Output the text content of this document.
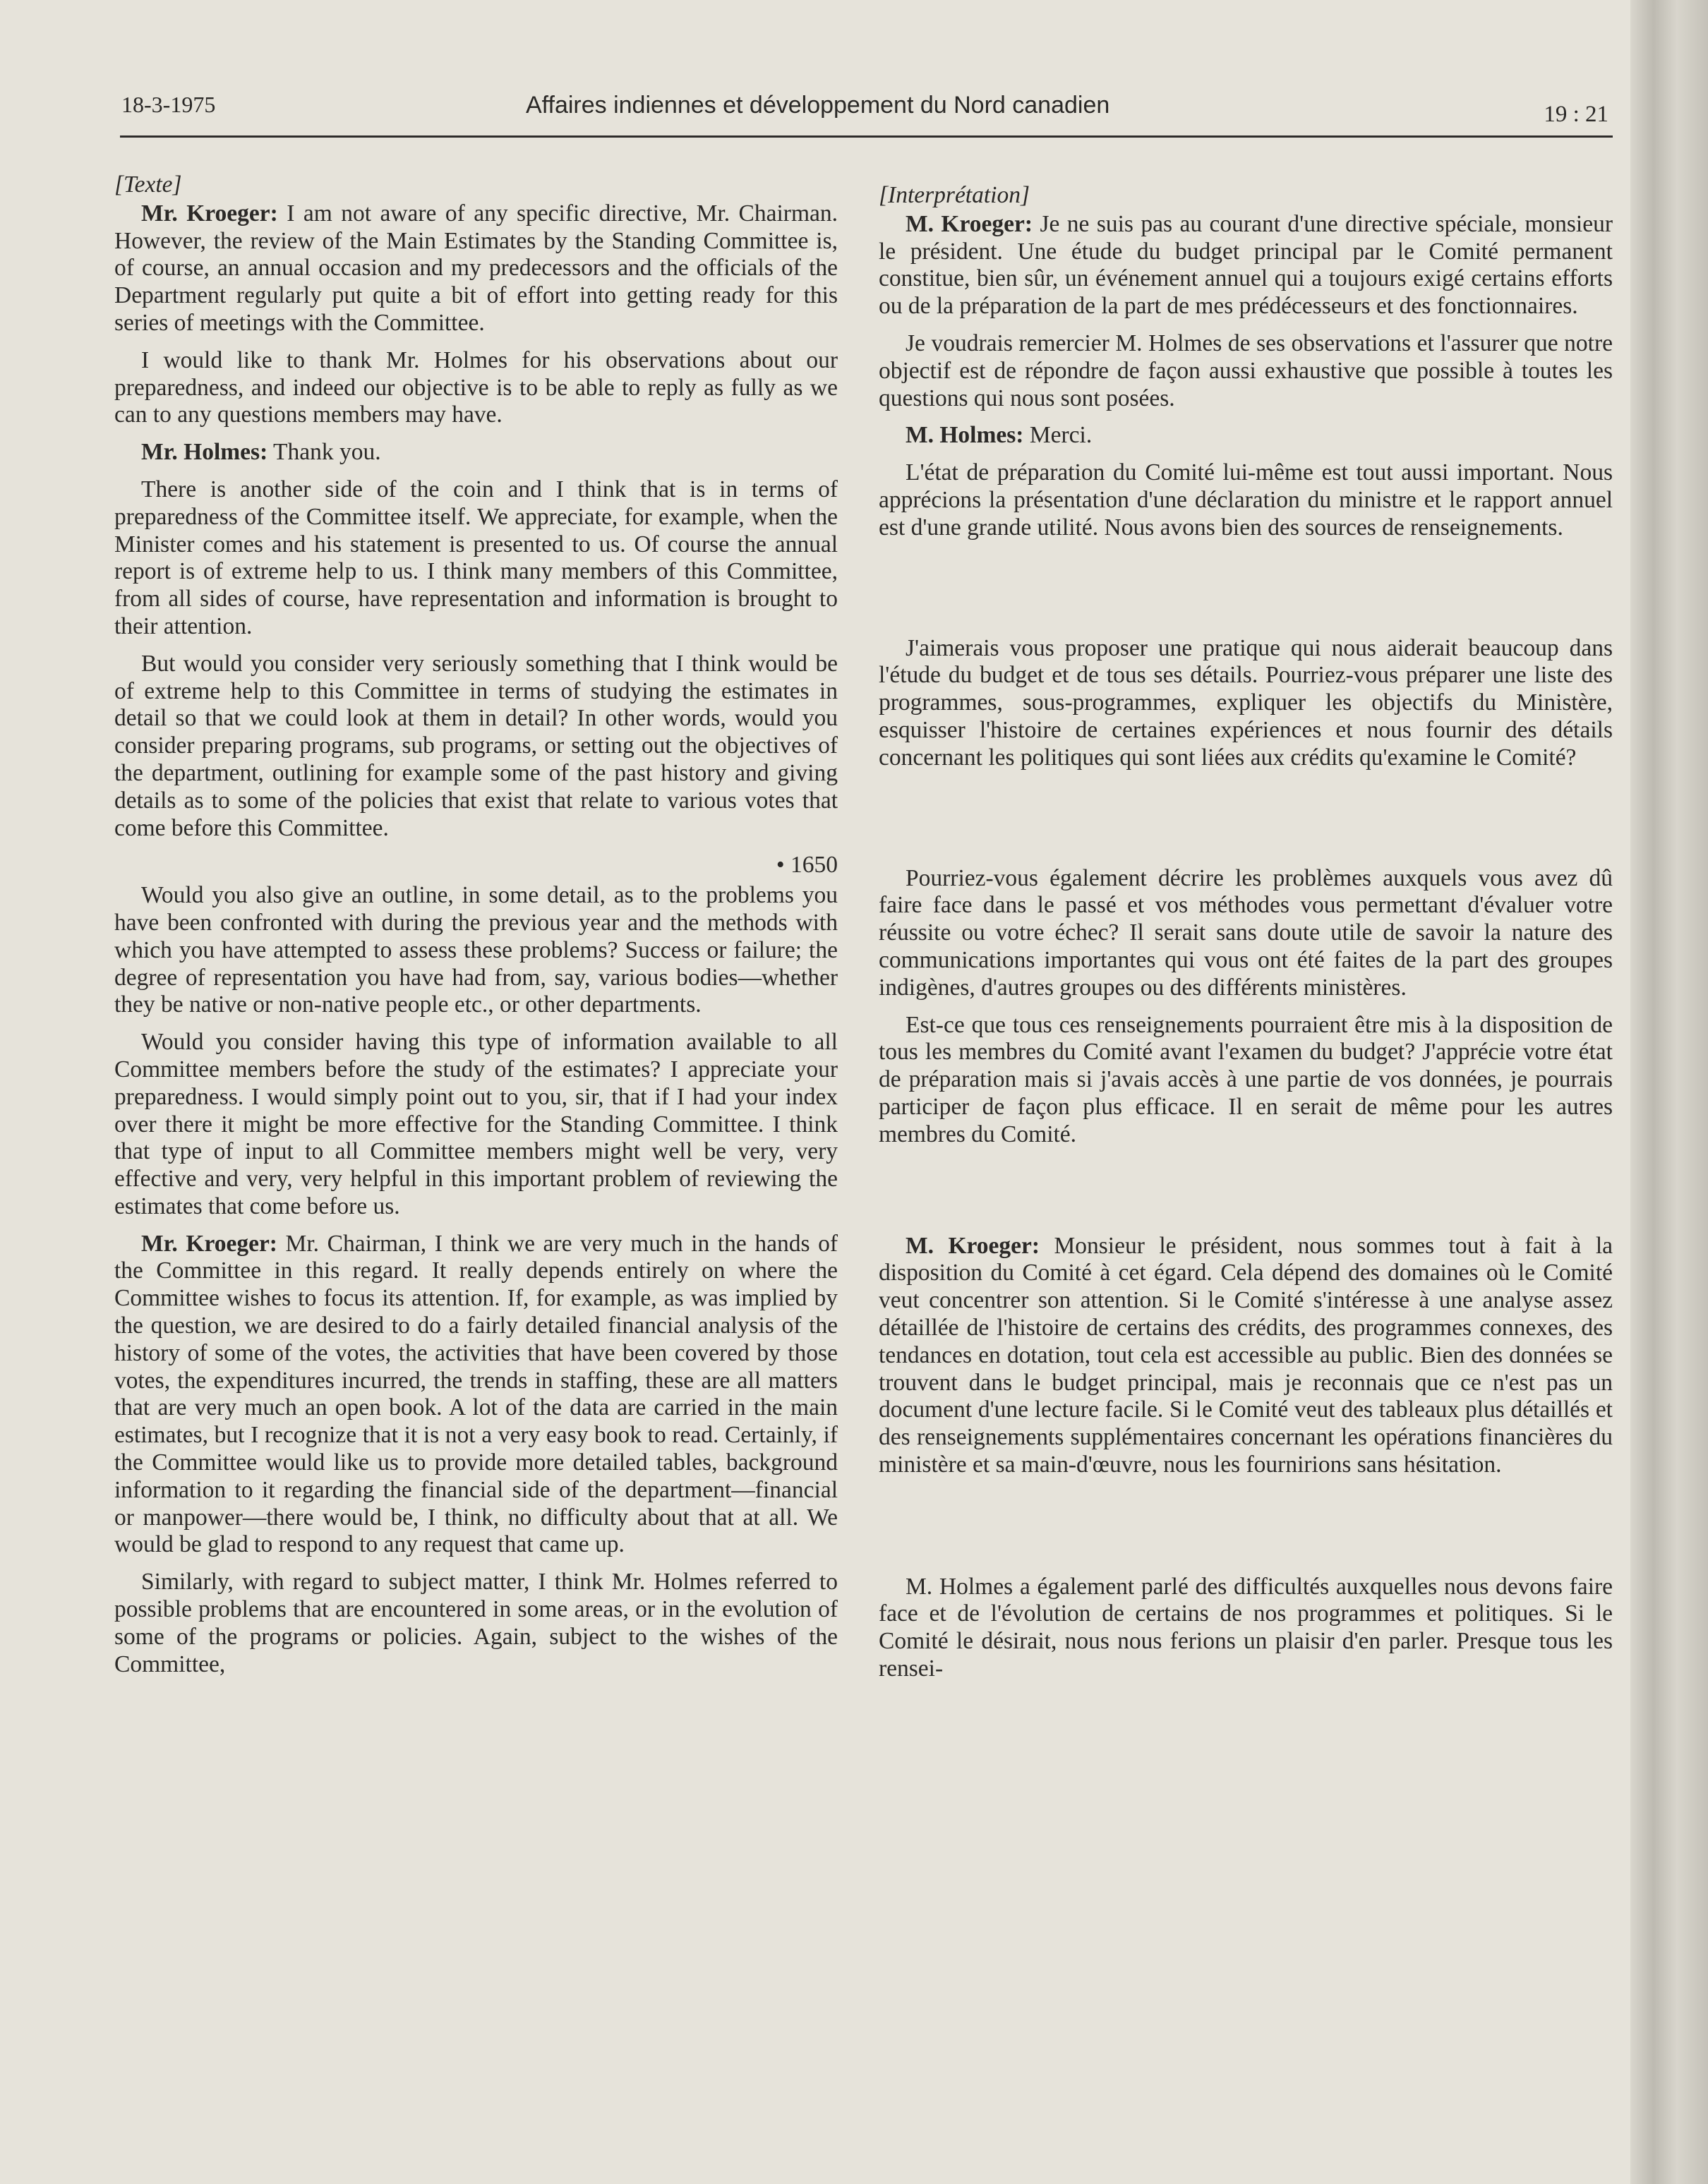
18-3-1975	Affaires indiennes et développement du Nord canadien	19 : 21
[Texte]

Mr. Kroeger: I am not aware of any specific directive, Mr. Chairman. However, the review of the Main Estimates by the Standing Committee is, of course, an annual occasion and my predecessors and the officials of the Department regularly put quite a bit of effort into getting ready for this series of meetings with the Committee.

I would like to thank Mr. Holmes for his observations about our preparedness, and indeed our objective is to be able to reply as fully as we can to any questions members may have.

Mr. Holmes: Thank you.

There is another side of the coin and I think that is in terms of preparedness of the Committee itself. We appreciate, for example, when the Minister comes and his statement is presented to us. Of course the annual report is of extreme help to us. I think many members of this Committee, from all sides of course, have representation and information is brought to their attention.

But would you consider very seriously something that I think would be of extreme help to this Committee in terms of studying the estimates in detail so that we could look at them in detail? In other words, would you consider preparing programs, sub programs, or setting out the objectives of the department, outlining for example some of the past history and giving details as to some of the policies that exist that relate to various votes that come before this Committee.

• 1650

Would you also give an outline, in some detail, as to the problems you have been confronted with during the previous year and the methods with which you have attempted to assess these problems? Success or failure; the degree of representation you have had from, say, various bodies—whether they be native or non-native people etc., or other departments.

Would you consider having this type of information available to all Committee members before the study of the estimates? I appreciate your preparedness. I would simply point out to you, sir, that if I had your index over there it might be more effective for the Standing Committee. I think that type of input to all Committee members might well be very, very effective and very, very helpful in this important problem of reviewing the estimates that come before us.

Mr. Kroeger: Mr. Chairman, I think we are very much in the hands of the Committee in this regard. It really depends entirely on where the Committee wishes to focus its attention. If, for example, as was implied by the question, we are desired to do a fairly detailed financial analysis of the history of some of the votes, the activities that have been covered by those votes, the expenditures incurred, the trends in staffing, these are all matters that are very much an open book. A lot of the data are carried in the main estimates, but I recognize that it is not a very easy book to read. Certainly, if the Committee would like us to provide more detailed tables, background information to it regarding the financial side of the department—financial or manpower—there would be, I think, no difficulty about that at all. We would be glad to respond to any request that came up.

Similarly, with regard to subject matter, I think Mr. Holmes referred to possible problems that are encountered in some areas, or in the evolution of some of the programs or policies. Again, subject to the wishes of the Committee,

[Interprétation]

M. Kroeger: Je ne suis pas au courant d'une directive spéciale, monsieur le président. Une étude du budget principal par le Comité permanent constitue, bien sûr, un événement annuel qui a toujours exigé certains efforts ou de la préparation de la part de mes prédécesseurs et des fonctionnaires.

Je voudrais remercier M. Holmes de ses observations et l'assurer que notre objectif est de répondre de façon aussi exhaustive que possible à toutes les questions qui nous sont posées.

M. Holmes: Merci.

L'état de préparation du Comité lui-même est tout aussi important. Nous apprécions la présentation d'une déclaration du ministre et le rapport annuel est d'une grande utilité. Nous avons bien des sources de renseignements.

J'aimerais vous proposer une pratique qui nous aiderait beaucoup dans l'étude du budget et de tous ses détails. Pourriez-vous préparer une liste des programmes, sous-programmes, expliquer les objectifs du Ministère, esquisser l'histoire de certaines expériences et nous fournir des détails concernant les politiques qui sont liées aux crédits qu'examine le Comité?

Pourriez-vous également décrire les problèmes auxquels vous avez dû faire face dans le passé et vos méthodes vous permettant d'évaluer votre réussite ou votre échec? Il serait sans doute utile de savoir la nature des communications importantes qui vous ont été faites de la part des groupes indigènes, d'autres groupes ou des différents ministères.

Est-ce que tous ces renseignements pourraient être mis à la disposition de tous les membres du Comité avant l'examen du budget? J'apprécie votre état de préparation mais si j'avais accès à une partie de vos données, je pourrais participer de façon plus efficace. Il en serait de même pour les autres membres du Comité.

M. Kroeger: Monsieur le président, nous sommes tout à fait à la disposition du Comité à cet égard. Cela dépend des domaines où le Comité veut concentrer son attention. Si le Comité s'intéresse à une analyse assez détaillée de l'histoire de certains des crédits, des programmes connexes, des tendances en dotation, tout cela est accessible au public. Bien des données se trouvent dans le budget principal, mais je reconnais que ce n'est pas un document d'une lecture facile. Si le Comité veut des tableaux plus détaillés et des renseignements supplémentaires concernant les opérations financières du ministère et sa main-d'œuvre, nous les fournirions sans hésitation.

M. Holmes a également parlé des difficultés auxquelles nous devons faire face et de l'évolution de certains de nos programmes et politiques. Si le Comité le désirait, nous nous ferions un plaisir d'en parler. Presque tous les rensei-
